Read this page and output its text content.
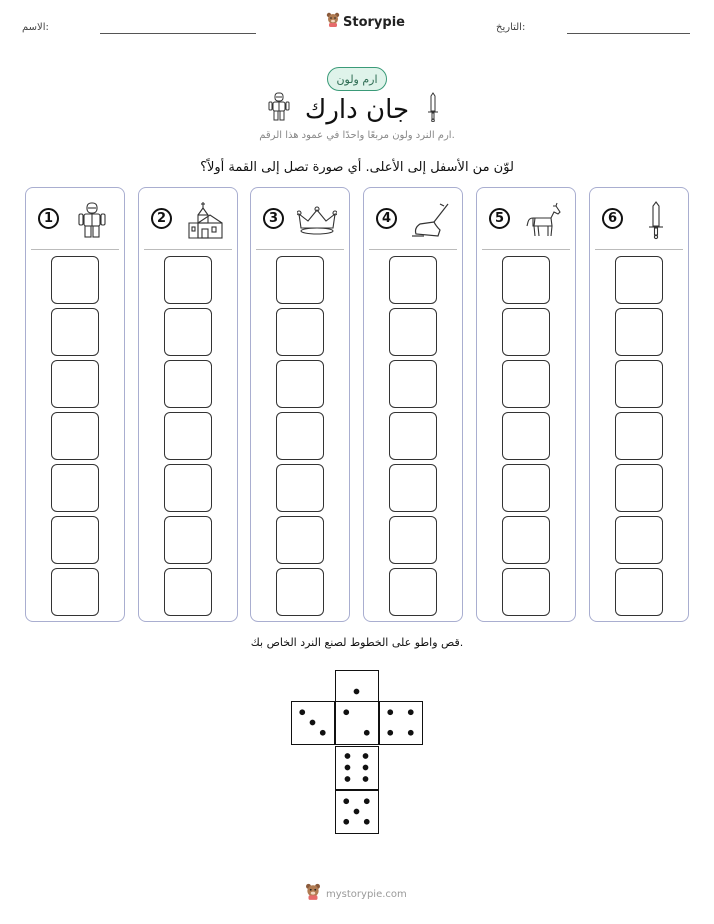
الاسم:	التاريخ:
Storypie
ارم ولون
جان دارك
ارم النرد ولون مربعًا واحدًا في عمود هذا الرقم.
لوّن من الأسفل إلى الأعلى. أي صورة تصل إلى القمة أولاً؟
1	2	3	4	5	6
قص واطو على الخطوط لصنع النرد الخاص بك.
mystorypie.com
